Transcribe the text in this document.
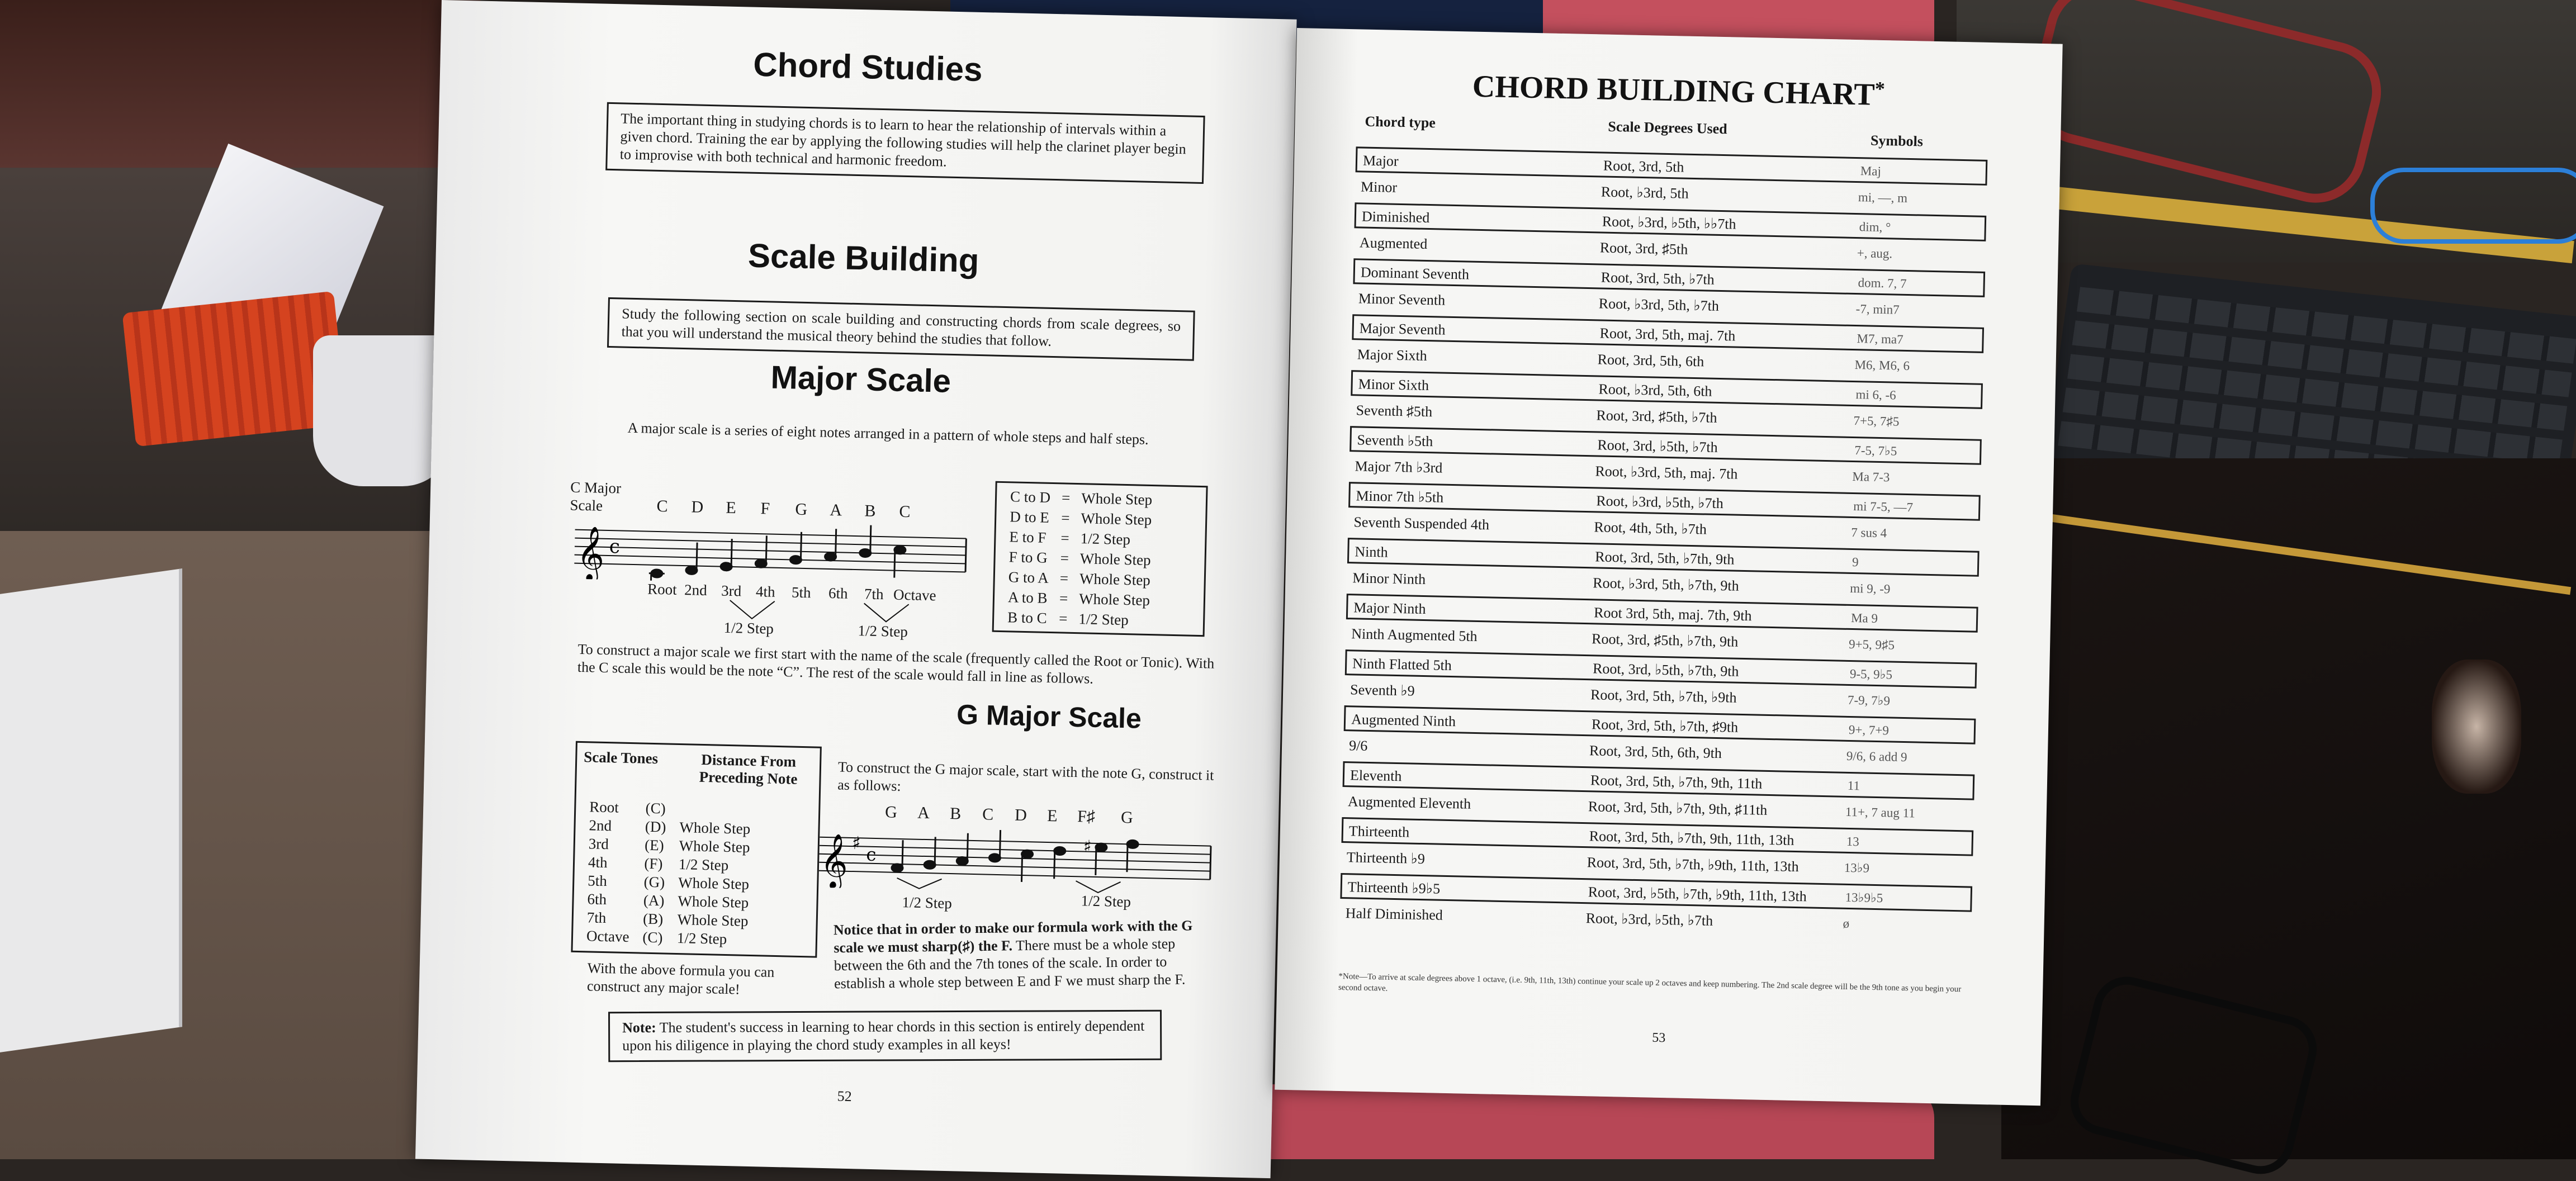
Chord Studies
The important thing in studying chords is to learn to hear the relationship of intervals within a given chord. Training the ear by applying the following studies will help the clarinet player begin to improvise with both technical and harmonic freedom.
Scale Building
Study the following section on scale building and constructing chords from scale degrees, so that you will understand the musical theory behind the studies that follow.
Major Scale
A major scale is a series of eight notes arranged in a pattern of whole steps and half steps.
C Major
Scale	C D E F G A B C
𝄞 c
Root 2nd 3rd 4th 5th 6th 7th Octave
1/2 Step	1/2 Step
C to D	=	Whole Step
D to E	=	Whole Step
E to F	=	1/2 Step
F to G	=	Whole Step
G to A	=	Whole Step
A to B	=	Whole Step
B to C	=	1/2 Step
To construct a major scale we first start with the name of the scale (frequently called the Root or Tonic). With the C scale this would be the note “C”. The rest of the scale would fall in line as follows.
Scale Tones	Distance From Preceding Note
Root	(C)	
2nd	(D)	Whole Step
3rd	(E)	Whole Step
4th	(F)	1/2 Step
5th	(G)	Whole Step
6th	(A)	Whole Step
7th	(B)	Whole Step
Octave	(C)	1/2 Step
With the above formula you can construct any major scale!
G Major Scale
To construct the G major scale, start with the note G, construct it as follows:
G A B C D E F♯ G
𝄞 ♯
c	♯
1/2 Step	1/2 Step
Notice that in order to make our formula work with the G scale we must sharp(♯) the F. There must be a whole step between the 6th and the 7th tones of the scale. In order to establish a whole step between E and F we must sharp the F.
Note: The student's success in learning to hear chords in this section is entirely dependent upon his diligence in playing the chord study examples in all keys!
52
CHORD BUILDING CHART*
Chord type	Scale Degrees Used
Symbols
Major	Root, 3rd, 5th	Maj
Minor	Root, ♭3rd, 5th	mi, —, m
Diminished	Root, ♭3rd, ♭5th, ♭♭7th	dim, °
Augmented	Root, 3rd, ♯5th	+, aug.
Dominant Seventh	Root, 3rd, 5th, ♭7th	dom. 7, 7
Minor Seventh	Root, ♭3rd, 5th, ♭7th	-7, min7
Major Seventh	Root, 3rd, 5th, maj. 7th	M7, ma7
Major Sixth	Root, 3rd, 5th, 6th	M6, M6, 6
Minor Sixth	Root, ♭3rd, 5th, 6th	mi 6, -6
Seventh ♯5th	Root, 3rd, ♯5th, ♭7th	7+5, 7♯5
Seventh ♭5th	Root, 3rd, ♭5th, ♭7th	7-5, 7♭5
Major 7th ♭3rd	Root, ♭3rd, 5th, maj. 7th	Ma 7-3
Minor 7th ♭5th	Root, ♭3rd, ♭5th, ♭7th	mi 7-5, —7
Seventh Suspended 4th	Root, 4th, 5th, ♭7th	7 sus 4
Ninth	Root, 3rd, 5th, ♭7th, 9th	9
Minor Ninth	Root, ♭3rd, 5th, ♭7th, 9th	mi 9, -9
Major Ninth	Root 3rd, 5th, maj. 7th, 9th	Ma 9
Ninth Augmented 5th	Root, 3rd, ♯5th, ♭7th, 9th	9+5, 9♯5
Ninth Flatted 5th	Root, 3rd, ♭5th, ♭7th, 9th	9-5, 9♭5
Seventh ♭9	Root, 3rd, 5th, ♭7th, ♭9th	7-9, 7♭9
Augmented Ninth	Root, 3rd, 5th, ♭7th, ♯9th	9+, 7+9
9/6	Root, 3rd, 5th, 6th, 9th	9/6, 6 add 9
Eleventh	Root, 3rd, 5th, ♭7th, 9th, 11th	11
Augmented Eleventh	Root, 3rd, 5th, ♭7th, 9th, ♯11th	11+, 7 aug 11
Thirteenth	Root, 3rd, 5th, ♭7th, 9th, 11th, 13th	13
Thirteenth ♭9	Root, 3rd, 5th, ♭7th, ♭9th, 11th, 13th	13♭9
Thirteenth ♭9♭5	Root, 3rd, ♭5th, ♭7th, ♭9th, 11th, 13th	13♭9♭5
Half Diminished	Root, ♭3rd, ♭5th, ♭7th	ø
*Note—To arrive at scale degrees above 1 octave, (i.e. 9th, 11th, 13th) continue your scale up 2 octaves and keep numbering. The 2nd scale degree will be the 9th tone as you begin your second octave.
53
